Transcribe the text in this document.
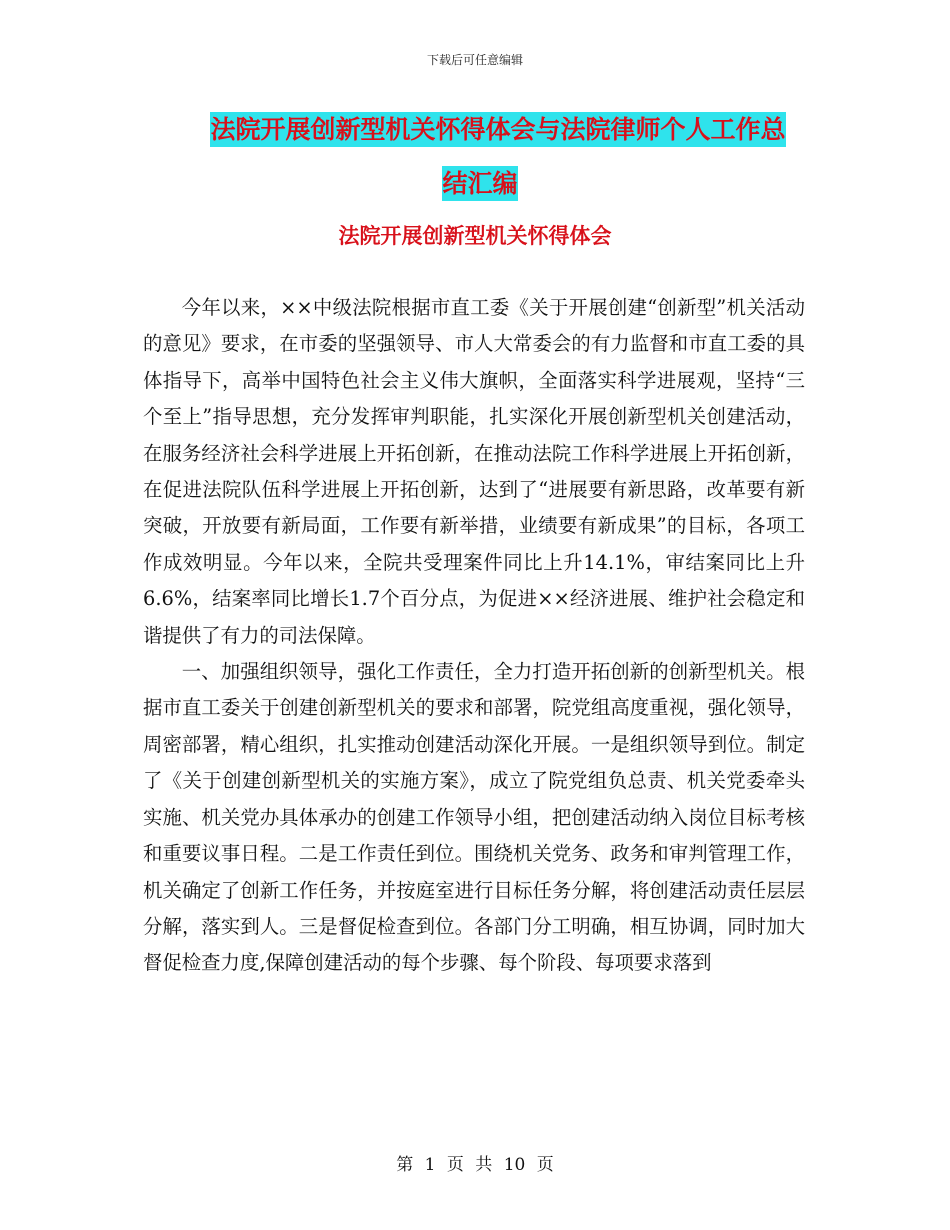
下载后可任意编辑
法院开展创新型机关怀得体会与法院律师个人工作总
结汇编
法院开展创新型机关怀得体会

今年以来，××中级法院根据市直工委《关于开展创建“创新型”机关活动的意见》要求，在市委的坚强领导、市人大常委会的有力监督和市直工委的具体指导下，高举中国特色社会主义伟大旗帜，全面落实科学进展观，坚持“三个至上”指导思想，充分发挥审判职能，扎实深化开展创新型机关创建活动，在服务经济社会科学进展上开拓创新，在推动法院工作科学进展上开拓创新，在促进法院队伍科学进展上开拓创新，达到了“进展要有新思路，改革要有新突破，开放要有新局面，工作要有新举措，业绩要有新成果”的目标，各项工作成效明显。今年以来，全院共受理案件同比上升14.1%，审结案同比上升6.6%，结案率同比增长1.7个百分点，为促进××经济进展、维护社会稳定和谐提供了有力的司法保障。

一、加强组织领导，强化工作责任，全力打造开拓创新的创新型机关。根据市直工委关于创建创新型机关的要求和部署，院党组高度重视，强化领导，周密部署，精心组织，扎实推动创建活动深化开展。一是组织领导到位。制定了《关于创建创新型机关的实施方案》，成立了院党组负总责、机关党委牵头实施、机关党办具体承办的创建工作领导小组，把创建活动纳入岗位目标考核和重要议事日程。二是工作责任到位。围绕机关党务、政务和审判管理工作，机关确定了创新工作任务，并按庭室进行目标任务分解，将创建活动责任层层分解，落实到人。三是督促检查到位。各部门分工明确，相互协调，同时加大督促检查力度,保障创建活动的每个步骤、每个阶段、每项要求落到

第 1 页 共 10 页
